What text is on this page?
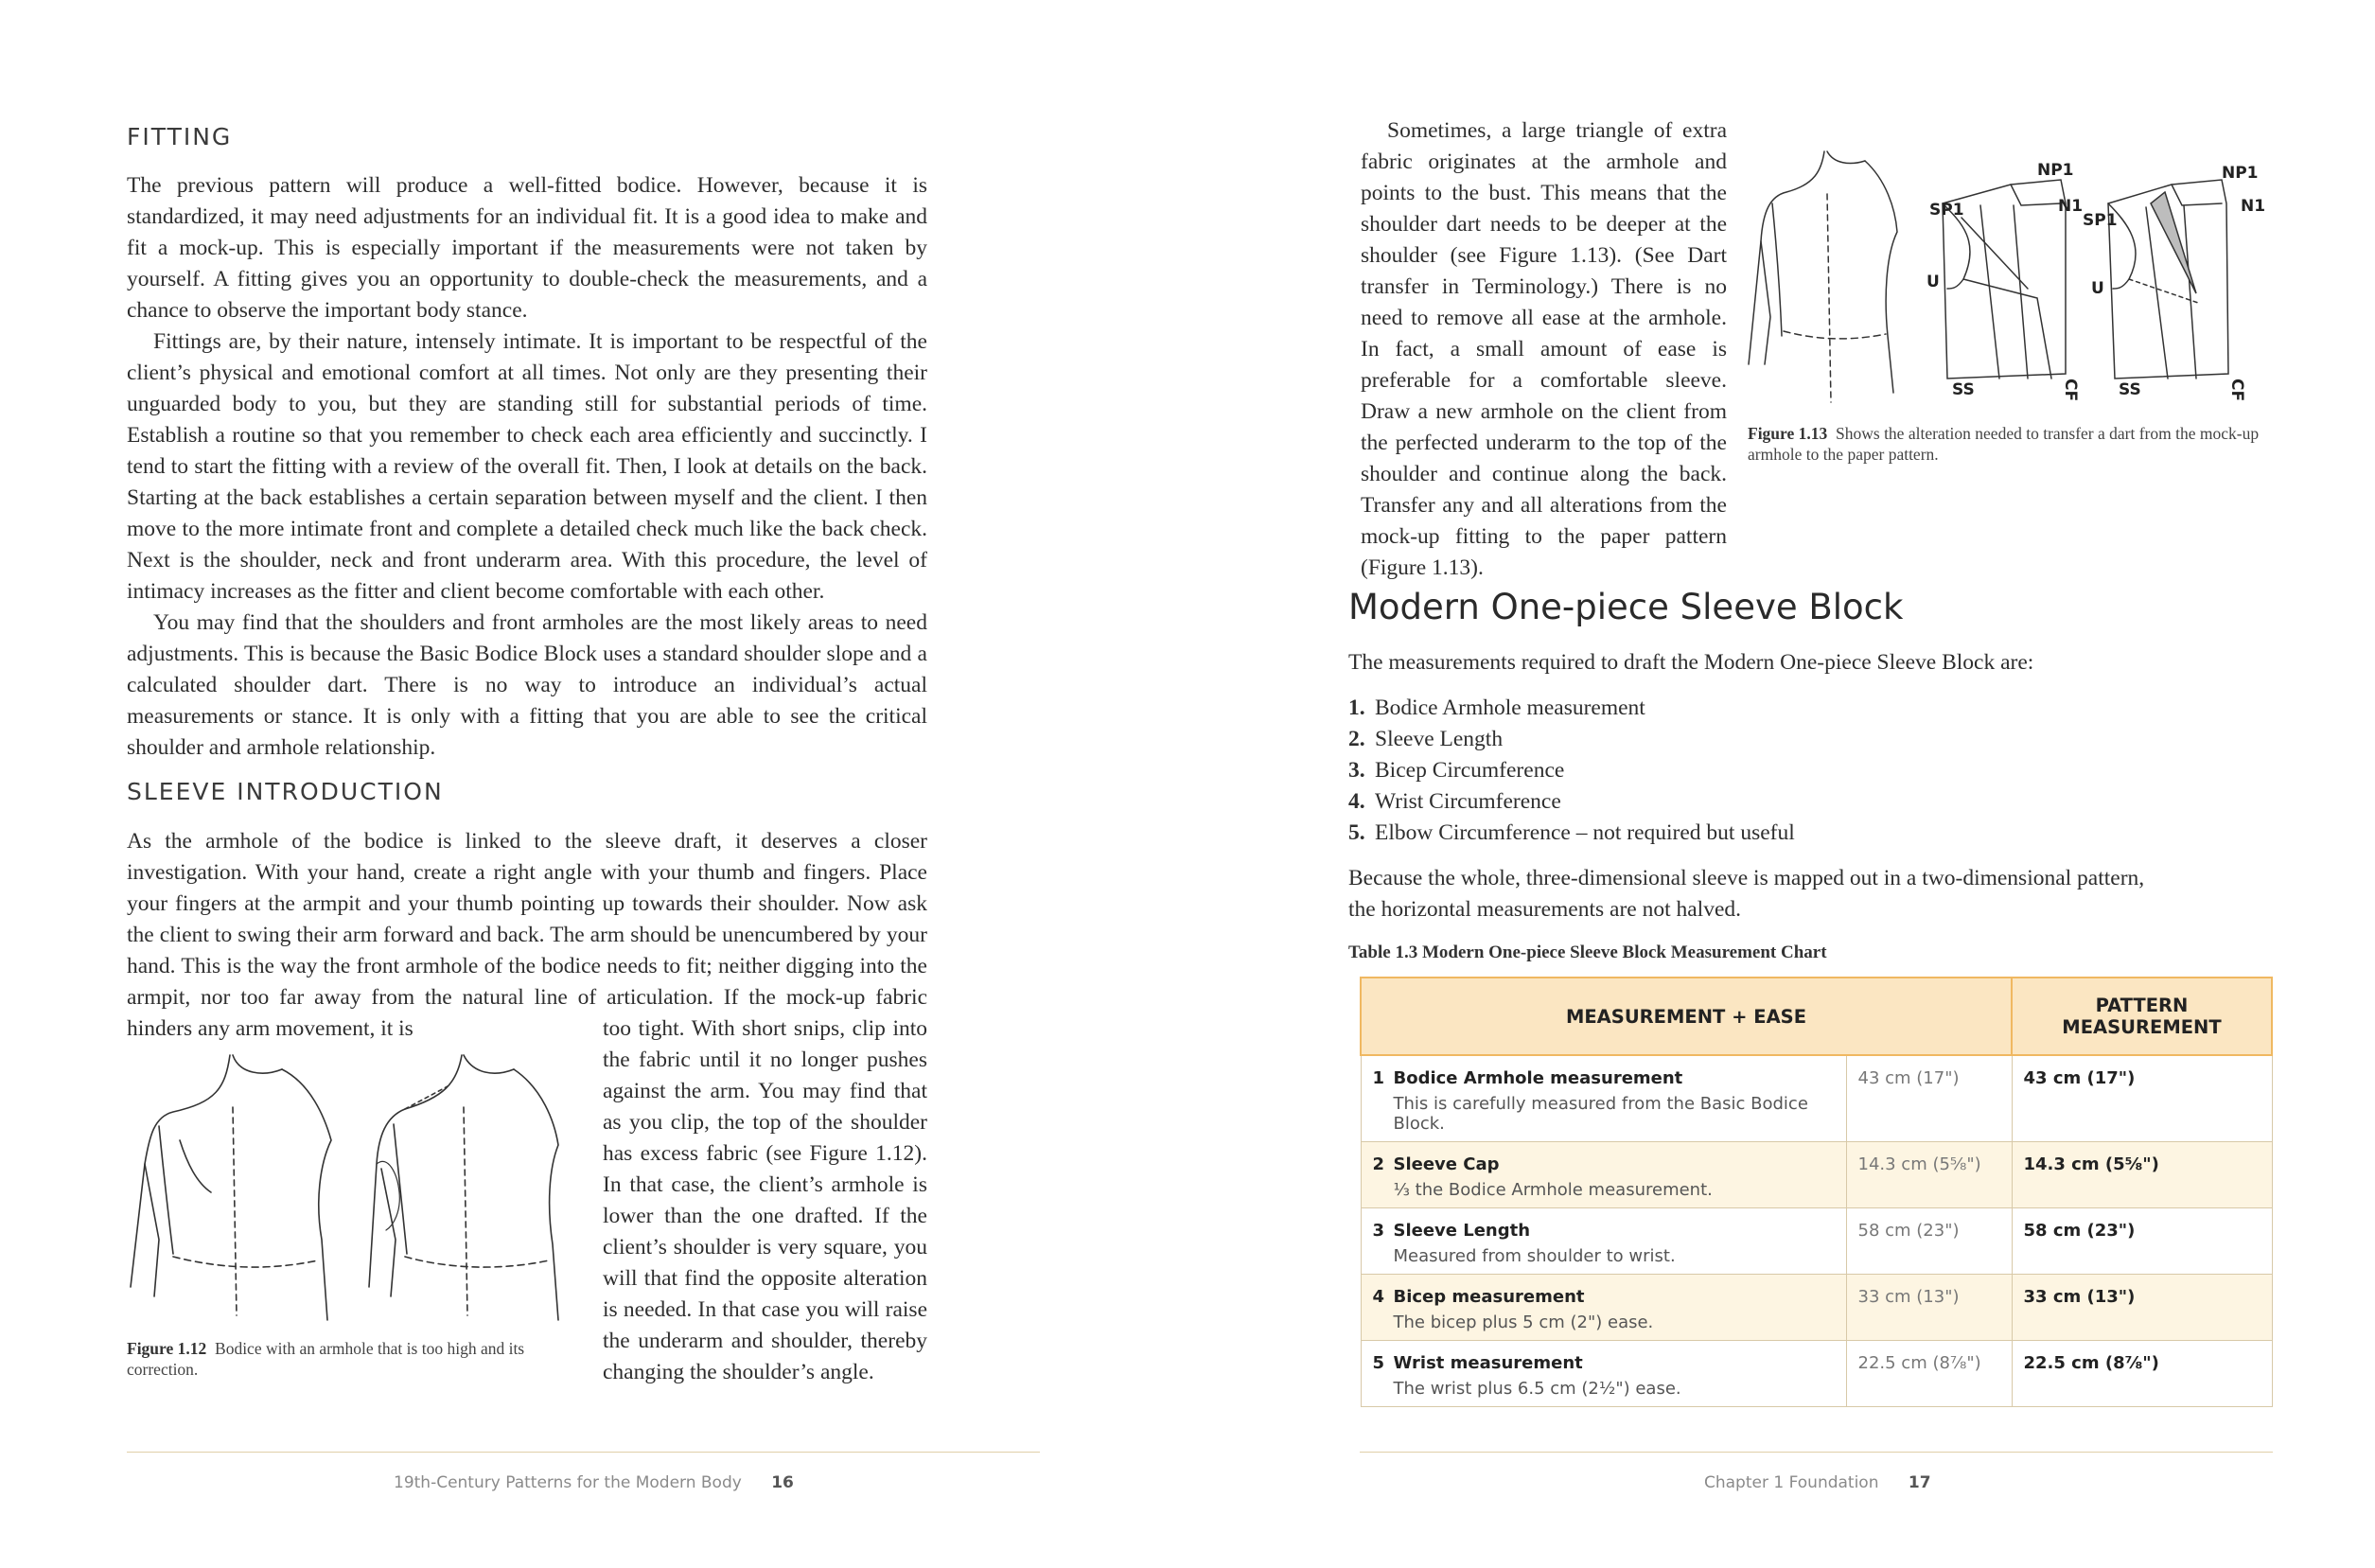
FITTING

The previous pattern will produce a well-fitted bodice. However, because it is standardized, it may need adjustments for an individual fit. It is a good idea to make and fit a mock-up. This is especially important if the measurements were not taken by yourself. A fitting gives you an opportunity to double-check the measurements, and a chance to observe the important body stance.

Fittings are, by their nature, intensely intimate. It is important to be respectful of the client’s physical and emotional comfort at all times. Not only are they presenting their unguarded body to you, but they are standing still for substantial periods of time. Establish a routine so that you remember to check each area efficiently and succinctly. I tend to start the fitting with a review of the overall fit. Then, I look at details on the back. Starting at the back establishes a certain separation between myself and the client. I then move to the more intimate front and complete a detailed check much like the back check. Next is the shoulder, neck and front underarm area. With this procedure, the level of intimacy increases as the fitter and client become comfortable with each other.

You may find that the shoulders and front armholes are the most likely areas to need adjustments. This is because the Basic Bodice Block uses a standard shoulder slope and a calculated shoulder dart. There is no way to introduce an individual’s actual measurements or stance. It is only with a fitting that you are able to see the critical shoulder and armhole relationship.

SLEEVE INTRODUCTION

As the armhole of the bodice is linked to the sleeve draft, it deserves a closer investigation. With your hand, create a right angle with your thumb and fingers. Place your fingers at the armpit and your thumb pointing up towards their shoulder. Now ask the client to swing their arm forward and back. The arm should be unencumbered by your hand. This is the way the front armhole of the bodice needs to fit; neither digging into the armpit, nor too far away from the natural line of articulation. If the mock-up fabric hinders any arm movement, it is	too tight. With short snips, clip into the fabric until it no longer pushes against the arm. You may find that as you clip, the top of the shoulder has excess fabric (see Figure 1.12). In that case, the client’s armhole is lower than the one drafted. If the client’s shoulder is very square, you will that find the opposite alteration is needed. In that case you will raise the underarm and shoulder, thereby changing the shoulder’s angle.

Figure 1.12 Bodice with an armhole that is too high and its correction.
19th-Century Patterns for the Modern Body 16

Sometimes, a large triangle of extra fabric originates at the armhole and points to the bust. This means that the shoulder dart needs to be deeper at the shoulder (see Figure 1.13). (See Dart transfer in Terminology.) There is no need to remove all ease at the armhole. In fact, a small amount of ease is preferable for a comfortable sleeve. Draw a new armhole on the client from the perfected underarm to the top of the shoulder and continue along the back. Transfer any and all alterations from the mock-up fitting to the paper pattern (Figure 1.13).

NP1
N1
SP1
U
SS	CF
NP1
N1
SP1
U
SS	CF
Figure 1.13 Shows the alteration needed to transfer a dart from the mock-up armhole to the paper pattern.
Modern One-piece Sleeve Block
The measurements required to draft the Modern One-piece Sleeve Block are:
1. Bodice Armhole measurement
2. Sleeve Length
3. Bicep Circumference
4. Wrist Circumference
5. Elbow Circumference – not required but useful
Because the whole, three-dimensional sleeve is mapped out in a two-dimensional pattern, the horizontal measurements are not halved.
Table 1.3 Modern One-piece Sleeve Block Measurement Chart
MEASUREMENT + EASE		PATTERN MEASUREMENT

1 Bodice Armhole measurement
This is carefully measured from the Basic Bodice Block.	43 cm (17")	43 cm (17")

2 Sleeve Cap
⅓ the Bodice Armhole measurement.	14.3 cm (5⅝")	14.3 cm (5⅝")

3 Sleeve Length
Measured from shoulder to wrist.	58 cm (23")	58 cm (23")

4 Bicep measurement
The bicep plus 5 cm (2") ease.	33 cm (13")	33 cm (13")

5 Wrist measurement
The wrist plus 6.5 cm (2½") ease.	22.5 cm (8⅞")	22.5 cm (8⅞")
Chapter 1 Foundation 17
